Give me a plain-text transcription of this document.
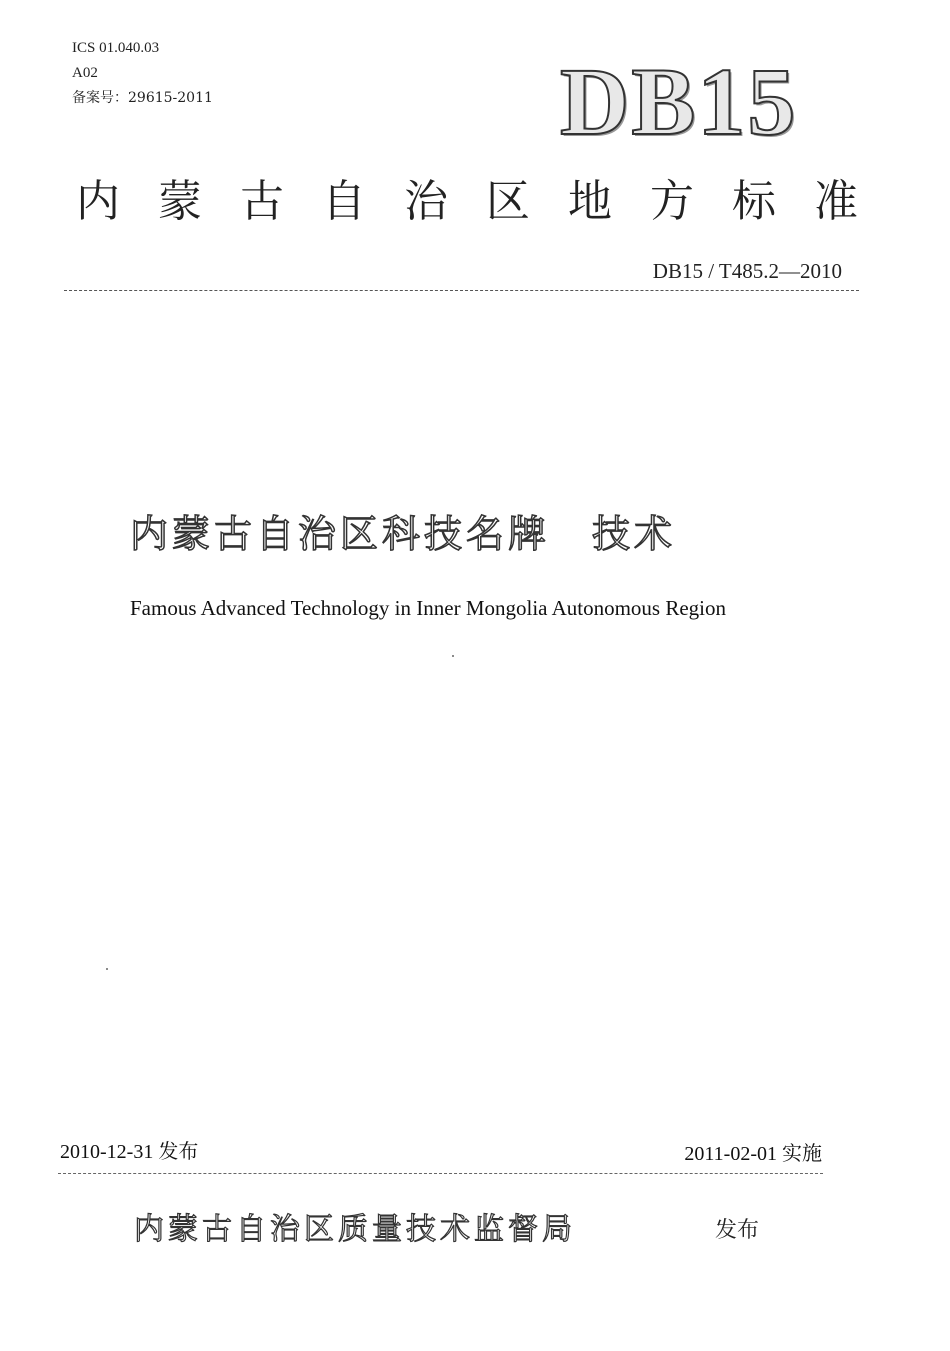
ICS 01.040.03
A02
备案号：29615-2011	DB15
内 蒙 古 自 治 区 地 方 标 准
DB15 / T485.2—2010
内蒙古自治区科技名牌　技术
Famous Advanced Technology in Inner Mongolia Autonomous Region
2010-12-31 发布	2011-02-01 实施
内蒙古自治区质量技术监督局	发布
